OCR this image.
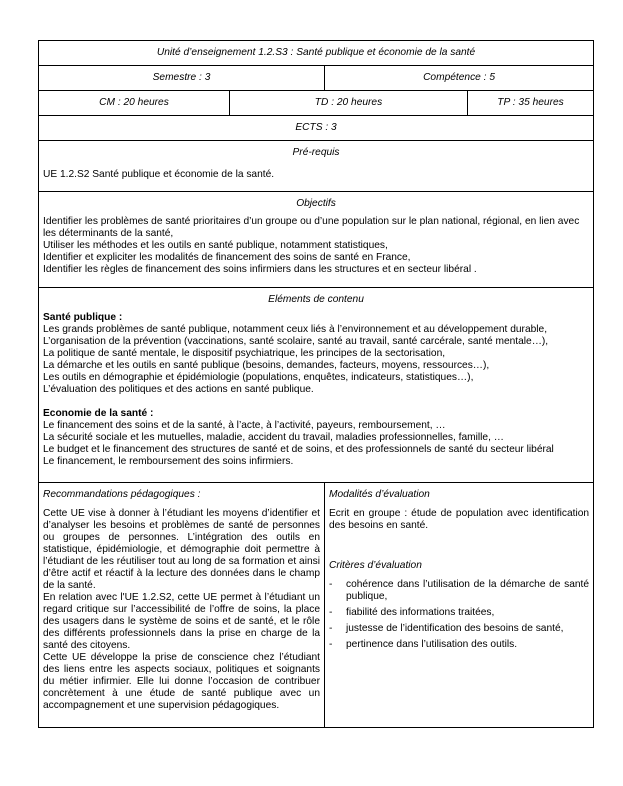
Unité d’enseignement 1.2.S3 : Santé publique et économie de la santé			
Semestre : 3		Compétence : 5	
CM : 20 heures	TD : 20 heures		TP : 35 heures
ECTS : 3			

Pré-requis
UE 1.2.S2 Santé publique et économie de la santé.			

Objectifs
Identifier les problèmes de santé prioritaires d’un groupe ou d’une population sur le plan national, régional, en lien avec les déterminants de la santé,
Utiliser les méthodes et les outils en santé publique, notamment statistiques,
Identifier et expliciter les modalités de financement des soins de santé en France,
Identifier les règles de financement des soins infirmiers dans les structures et en secteur libéral .			

Eléments de contenu
Santé publique :
Les grands problèmes de santé publique, notamment ceux liés à l’environnement et au développement durable,
L’organisation de la prévention (vaccinations, santé scolaire, santé au travail, santé carcérale, santé mentale…),
La politique de santé mentale, le dispositif psychiatrique, les principes de la sectorisation,
La démarche et les outils en santé publique (besoins, demandes, facteurs, moyens, ressources…),
Les outils en démographie et épidémiologie (populations, enquêtes, indicateurs, statistiques…),
L’évaluation des politiques et des actions en santé publique.
Economie de la santé :
Le financement des soins et de la santé, à l’acte, à l’activité, payeurs, remboursement, …
La sécurité sociale et les mutuelles, maladie, accident du travail, maladies professionnelles, famille, …
Le budget et le financement des structures de santé et de soins, et des professionnels de santé du secteur libéral
Le financement, le remboursement des soins infirmiers.

Recommandations pédagogiques :
Cette UE vise à donner à l’étudiant les moyens d’identifier et d’analyser les besoins et problèmes de santé de personnes ou groupes de personnes. L’intégration des outils en statistique, épidémiologie, et démographie doit permettre à l’étudiant de les réutiliser tout au long de sa formation et ainsi d’être actif et réactif à la lecture des données dans le champ de la santé.
En relation avec l'UE 1.2.S2, cette UE permet à l’étudiant un regard critique sur l’accessibilité de l’offre de soins, la place des usagers dans le système de soins et de santé, et le rôle des différents professionnels dans la prise en charge de la santé des citoyens.
Cette UE développe la prise de conscience chez l’étudiant des liens entre les aspects sociaux, politiques et soignants du métier infirmier. Elle lui donne l’occasion de contribuer concrètement à une étude de santé publique avec un accompagnement et une supervision pédagogiques.

Modalités d’évaluation
Ecrit en groupe : étude de population avec identification des besoins en santé.
Critères d’évaluation
- cohérence dans l’utilisation de la démarche de santé publique,
- fiabilité des informations traitées,
- justesse de l’identification des besoins de santé,
- pertinence dans l’utilisation des outils.
